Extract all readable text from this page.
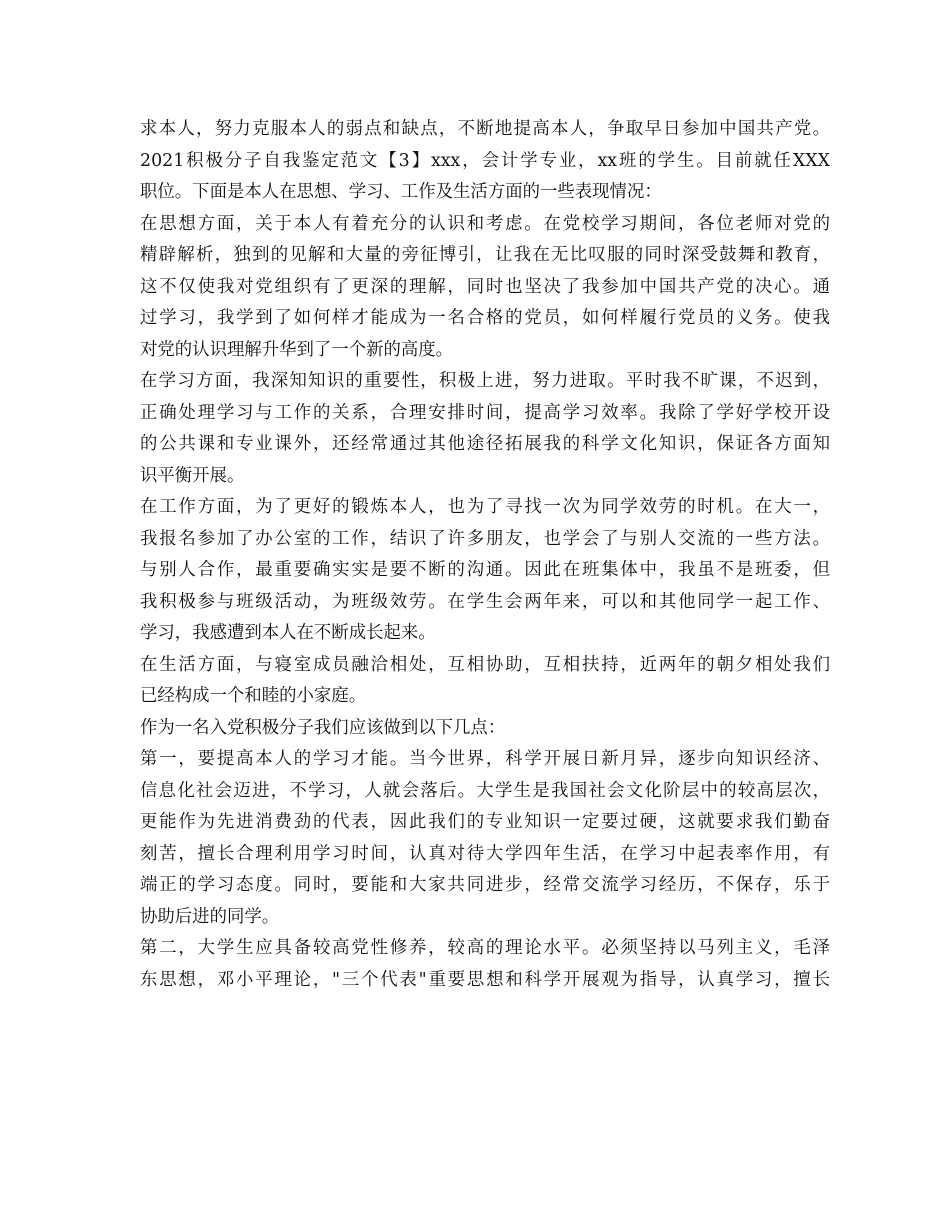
求本人，努力克服本人的弱点和缺点，不断地提高本人，争取早日参加中国共产党。
2021积极分子自我鉴定范文【3】xxx，会计学专业，xx班的学生。目前就任XXX
职位。下面是本人在思想、学习、工作及生活方面的一些表现情况：
在思想方面，关于本人有着充分的认识和考虑。在党校学习期间，各位老师对党的
精辟解析，独到的见解和大量的旁征博引，让我在无比叹服的同时深受鼓舞和教育，
这不仅使我对党组织有了更深的理解，同时也坚决了我参加中国共产党的决心。通
过学习，我学到了如何样才能成为一名合格的党员，如何样履行党员的义务。使我
对党的认识理解升华到了一个新的高度。
在学习方面，我深知知识的重要性，积极上进，努力进取。平时我不旷课，不迟到，
正确处理学习与工作的关系，合理安排时间，提高学习效率。我除了学好学校开设
的公共课和专业课外，还经常通过其他途径拓展我的科学文化知识，保证各方面知
识平衡开展。
在工作方面，为了更好的锻炼本人，也为了寻找一次为同学效劳的时机。在大一，
我报名参加了办公室的工作，结识了许多朋友，也学会了与别人交流的一些方法。
与别人合作，最重要确实实是要不断的沟通。因此在班集体中，我虽不是班委，但
我积极参与班级活动，为班级效劳。在学生会两年来，可以和其他同学一起工作、
学习，我感遭到本人在不断成长起来。
在生活方面，与寝室成员融洽相处，互相协助，互相扶持，近两年的朝夕相处我们
已经构成一个和睦的小家庭。
作为一名入党积极分子我们应该做到以下几点：
第一，要提高本人的学习才能。当今世界，科学开展日新月异，逐步向知识经济、
信息化社会迈进，不学习，人就会落后。大学生是我国社会文化阶层中的较高层次，
更能作为先进消费劲的代表，因此我们的专业知识一定要过硬，这就要求我们勤奋
刻苦，擅长合理利用学习时间，认真对待大学四年生活，在学习中起表率作用，有
端正的学习态度。同时，要能和大家共同进步，经常交流学习经历，不保存，乐于
协助后进的同学。
第二，大学生应具备较高党性修养，较高的理论水平。必须坚持以马列主义，毛泽
东思想，邓小平理论，"三个代表"重要思想和科学开展观为指导，认真学习，擅长
